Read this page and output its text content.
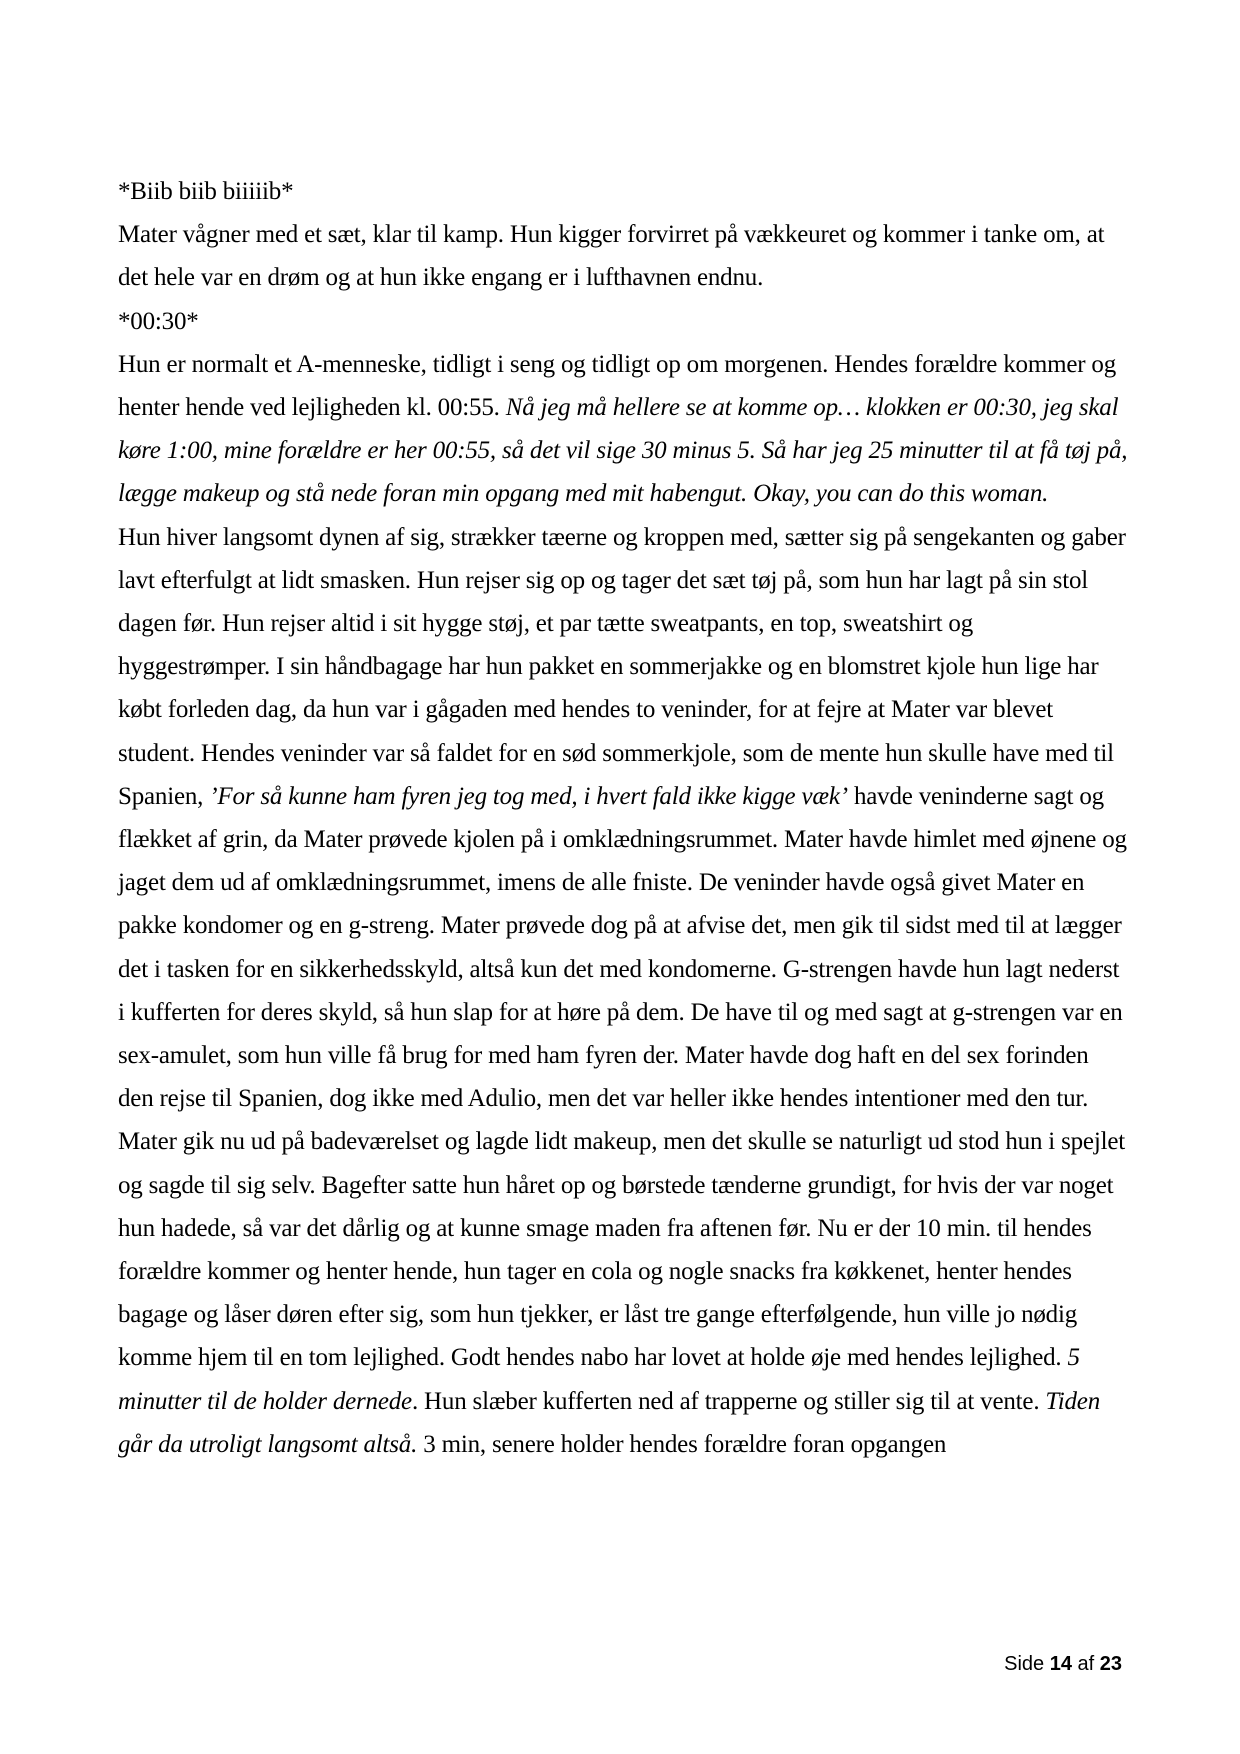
*Biib biib biiiiib*

Mater vågner med et sæt, klar til kamp. Hun kigger forvirret på vækkeuret og kommer i tanke om, at det hele var en drøm og at hun ikke engang er i lufthavnen endnu.

*00:30*

Hun er normalt et A-menneske, tidligt i seng og tidligt op om morgenen. Hendes forældre kommer og henter hende ved lejligheden kl. 00:55. Nå jeg må hellere se at komme op… klokken er 00:30, jeg skal køre 1:00, mine forældre er her 00:55, så det vil sige 30 minus 5. Så har jeg 25 minutter til at få tøj på, lægge makeup og stå nede foran min opgang med mit habengut. Okay, you can do this woman.

Hun hiver langsomt dynen af sig, strækker tæerne og kroppen med, sætter sig på sengekanten og gaber lavt efterfulgt at lidt smasken. Hun rejser sig op og tager det sæt tøj på, som hun har lagt på sin stol dagen før. Hun rejser altid i sit hygge støj, et par tætte sweatpants, en top, sweatshirt og hyggestrømper. I sin håndbagage har hun pakket en sommerjakke og en blomstret kjole hun lige har købt forleden dag, da hun var i gågaden med hendes to veninder, for at fejre at Mater var blevet student. Hendes veninder var så faldet for en sød sommerkjole, som de mente hun skulle have med til Spanien, ’For så kunne ham fyren jeg tog med, i hvert fald ikke kigge væk’ havde veninderne sagt og flækket af grin, da Mater prøvede kjolen på i omklædningsrummet. Mater havde himlet med øjnene og jaget dem ud af omklædningsrummet, imens de alle fniste. De veninder havde også givet Mater en pakke kondomer og en g-streng. Mater prøvede dog på at afvise det, men gik til sidst med til at lægger det i tasken for en sikkerhedsskyld, altså kun det med kondomerne. G-strengen havde hun lagt nederst i kufferten for deres skyld, så hun slap for at høre på dem. De have til og med sagt at g-strengen var en sex-amulet, som hun ville få brug for med ham fyren der. Mater havde dog haft en del sex forinden den rejse til Spanien, dog ikke med Adulio, men det var heller ikke hendes intentioner med den tur.

Mater gik nu ud på badeværelset og lagde lidt makeup, men det skulle se naturligt ud stod hun i spejlet og sagde til sig selv. Bagefter satte hun håret op og børstede tænderne grundigt, for hvis der var noget hun hadede, så var det dårlig og at kunne smage maden fra aftenen før. Nu er der 10 min. til hendes forældre kommer og henter hende, hun tager en cola og nogle snacks fra køkkenet, henter hendes bagage og låser døren efter sig, som hun tjekker, er låst tre gange efterfølgende, hun ville jo nødig komme hjem til en tom lejlighed. Godt hendes nabo har lovet at holde øje med hendes lejlighed. 5 minutter til de holder dernede. Hun slæber kufferten ned af trapperne og stiller sig til at vente. Tiden går da utroligt langsomt altså. 3 min, senere holder hendes forældre foran opgangen

Side 14 af 23
